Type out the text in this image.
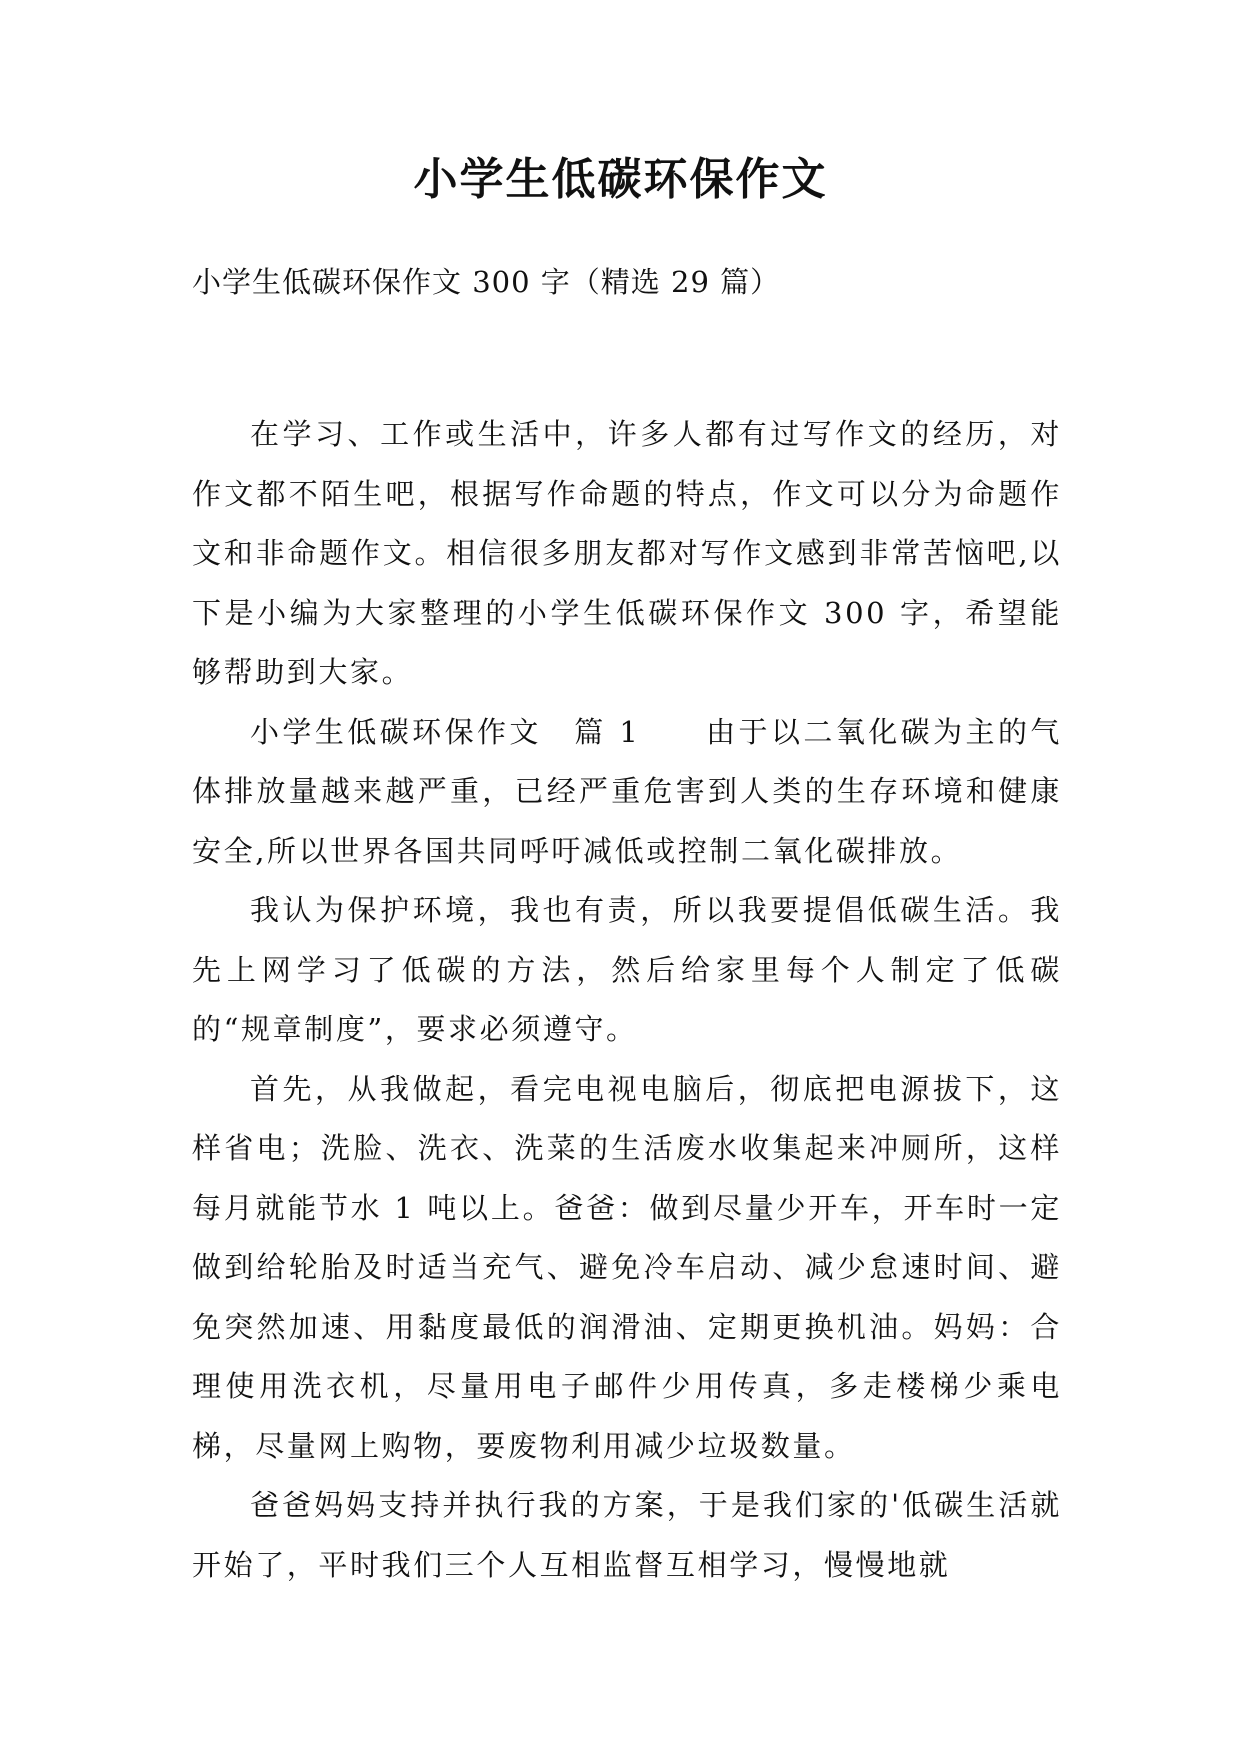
小学生低碳环保作文
小学生低碳环保作文 300 字（精选 29 篇）

在学习、工作或生活中，许多人都有过写作文的经历，对作文都不陌生吧，根据写作命题的特点，作文可以分为命题作文和非命题作文。相信很多朋友都对写作文感到非常苦恼吧,以下是小编为大家整理的小学生低碳环保作文 300 字，希望能够帮助到大家。

小学生低碳环保作文　篇 1　　由于以二氧化碳为主的气体排放量越来越严重，已经严重危害到人类的生存环境和健康安全,所以世界各国共同呼吁减低或控制二氧化碳排放。

我认为保护环境，我也有责，所以我要提倡低碳生活。我先上网学习了低碳的方法，然后给家里每个人制定了低碳的“规章制度”，要求必须遵守。

首先，从我做起，看完电视电脑后，彻底把电源拔下，这样省电；洗脸、洗衣、洗菜的生活废水收集起来冲厕所，这样每月就能节水 1 吨以上。爸爸：做到尽量少开车，开车时一定做到给轮胎及时适当充气、避免冷车启动、减少怠速时间、避免突然加速、用黏度最低的润滑油、定期更换机油。妈妈：合理使用洗衣机，尽量用电子邮件少用传真，多走楼梯少乘电梯，尽量网上购物，要废物利用减少垃圾数量。

爸爸妈妈支持并执行我的方案，于是我们家的'低碳生活就开始了，平时我们三个人互相监督互相学习，慢慢地就
